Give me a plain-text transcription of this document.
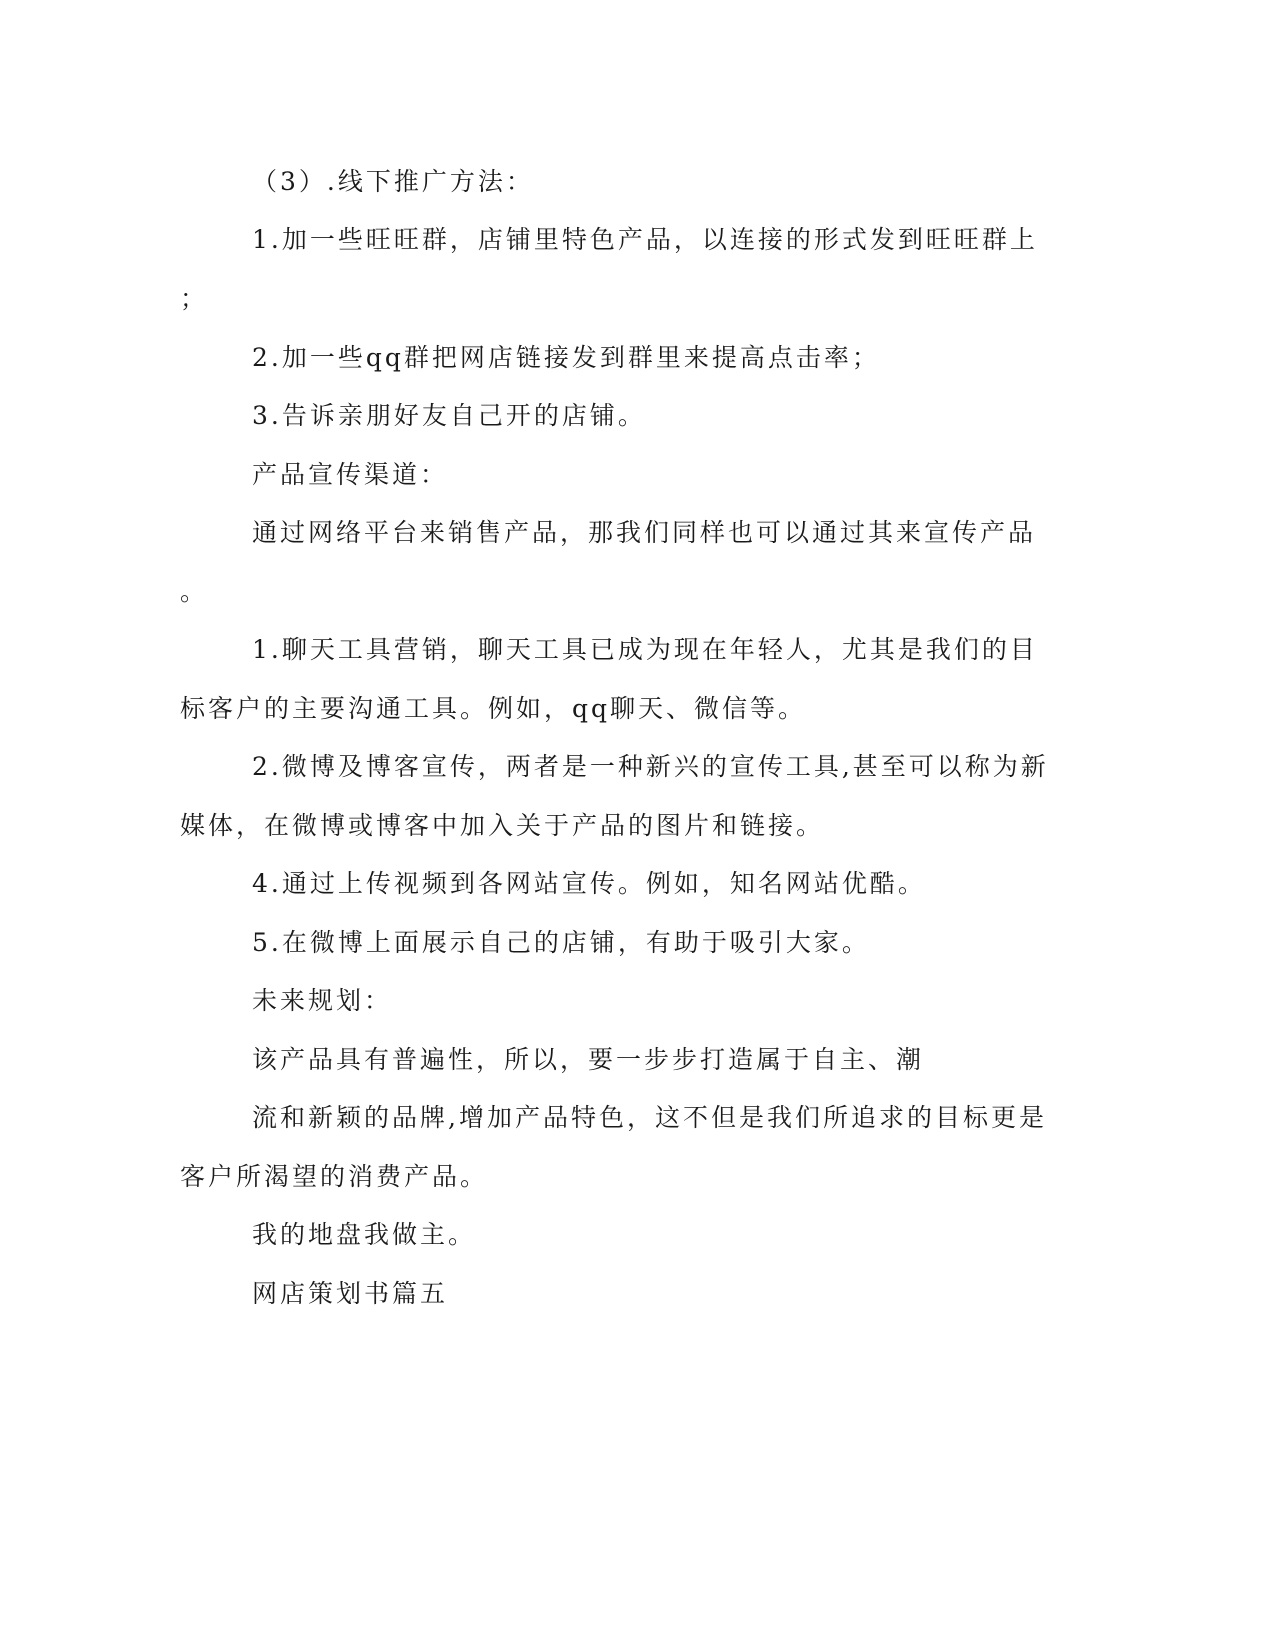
（3）.线下推广方法：
1.加一些旺旺群，店铺里特色产品，以连接的形式发到旺旺群上
；
2.加一些qq群把网店链接发到群里来提高点击率；
3.告诉亲朋好友自己开的店铺。
产品宣传渠道：
通过网络平台来销售产品，那我们同样也可以通过其来宣传产品
。
1.聊天工具营销，聊天工具已成为现在年轻人，尤其是我们的目
标客户的主要沟通工具。例如，qq聊天、微信等。
2.微博及博客宣传，两者是一种新兴的宣传工具,甚至可以称为新
媒体，在微博或博客中加入关于产品的图片和链接。
4.通过上传视频到各网站宣传。例如，知名网站优酷。
5.在微博上面展示自己的店铺，有助于吸引大家。
未来规划：
该产品具有普遍性，所以，要一步步打造属于自主、潮
流和新颖的品牌,增加产品特色，这不但是我们所追求的目标更是
客户所渴望的消费产品。
我的地盘我做主。
网店策划书篇五
